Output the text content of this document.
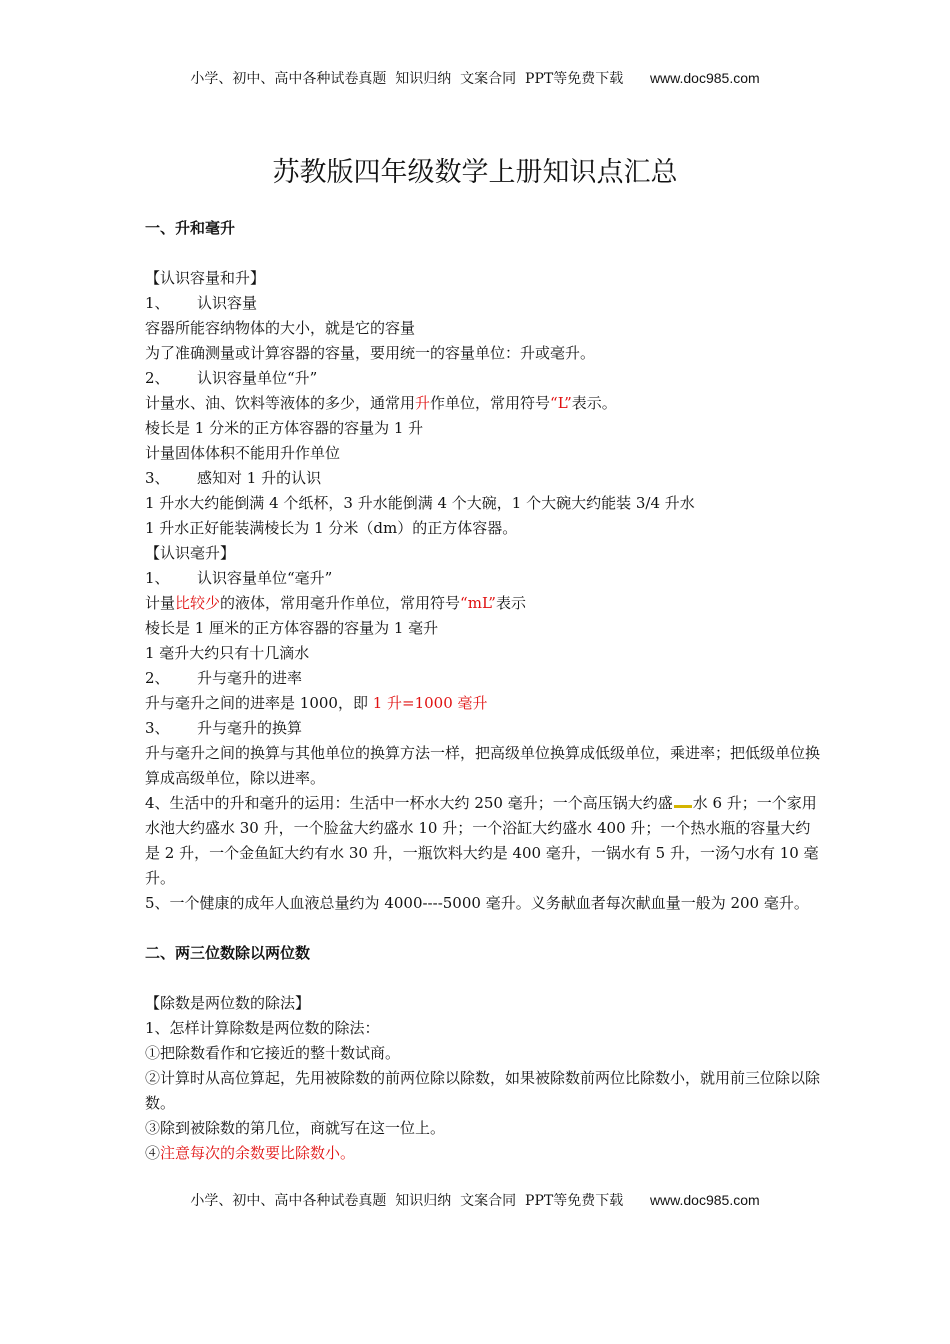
小学、初中、高中各种试卷真题  知识归纳  文案合同  PPT等免费下载 www.doc985.com
苏教版四年级数学上册知识点汇总

一、升和毫升

【认识容量和升】

1、 认识容量

容器所能容纳物体的大小，就是它的容量

为了准确测量或计算容器的容量，要用统一的容量单位：升或毫升。

2、 认识容量单位“升”

计量水、油、饮料等液体的多少，通常用升作单位，常用符号“L”表示。

棱长是 1 分米的正方体容器的容量为 1 升

计量固体体积不能用升作单位

3、 感知对 1 升的认识

1 升水大约能倒满 4 个纸杯，3 升水能倒满 4 个大碗，1 个大碗大约能装 3/4 升水

1 升水正好能装满棱长为 1 分米（dm）的正方体容器。

【认识毫升】

1、 认识容量单位“毫升”

计量比较少的液体，常用毫升作单位，常用符号“mL”表示

棱长是 1 厘米的正方体容器的容量为 1 毫升

1 毫升大约只有十几滴水

2、 升与毫升的进率

升与毫升之间的进率是 1000，即 1 升=1000 毫升

3、 升与毫升的换算

升与毫升之间的换算与其他单位的换算方法一样，把高级单位换算成低级单位，乘进率；把低级单位换算成高级单位，除以进率。

4、生活中的升和毫升的运用：生活中一杯水大约 250 毫升；一个高压锅大约盛 水 6 升；一个家用水池大约盛水 30 升，一个脸盆大约盛水 10 升；一个浴缸大约盛水 400 升；一个热水瓶的容量大约是 2 升，一个金鱼缸大约有水 30 升，一瓶饮料大约是 400 毫升，一锅水有 5 升，一汤勺水有 10 毫升。

5、一个健康的成年人血液总量约为 4000----5000 毫升。义务献血者每次献血量一般为 200 毫升。

二、两三位数除以两位数

【除数是两位数的除法】

1、怎样计算除数是两位数的除法：

①把除数看作和它接近的整十数试商。

②计算时从高位算起，先用被除数的前两位除以除数，如果被除数前两位比除数小，就用前三位除以除数。

③除到被除数的第几位，商就写在这一位上。

④注意每次的余数要比除数小。

小学、初中、高中各种试卷真题  知识归纳  文案合同  PPT等免费下载 www.doc985.com
